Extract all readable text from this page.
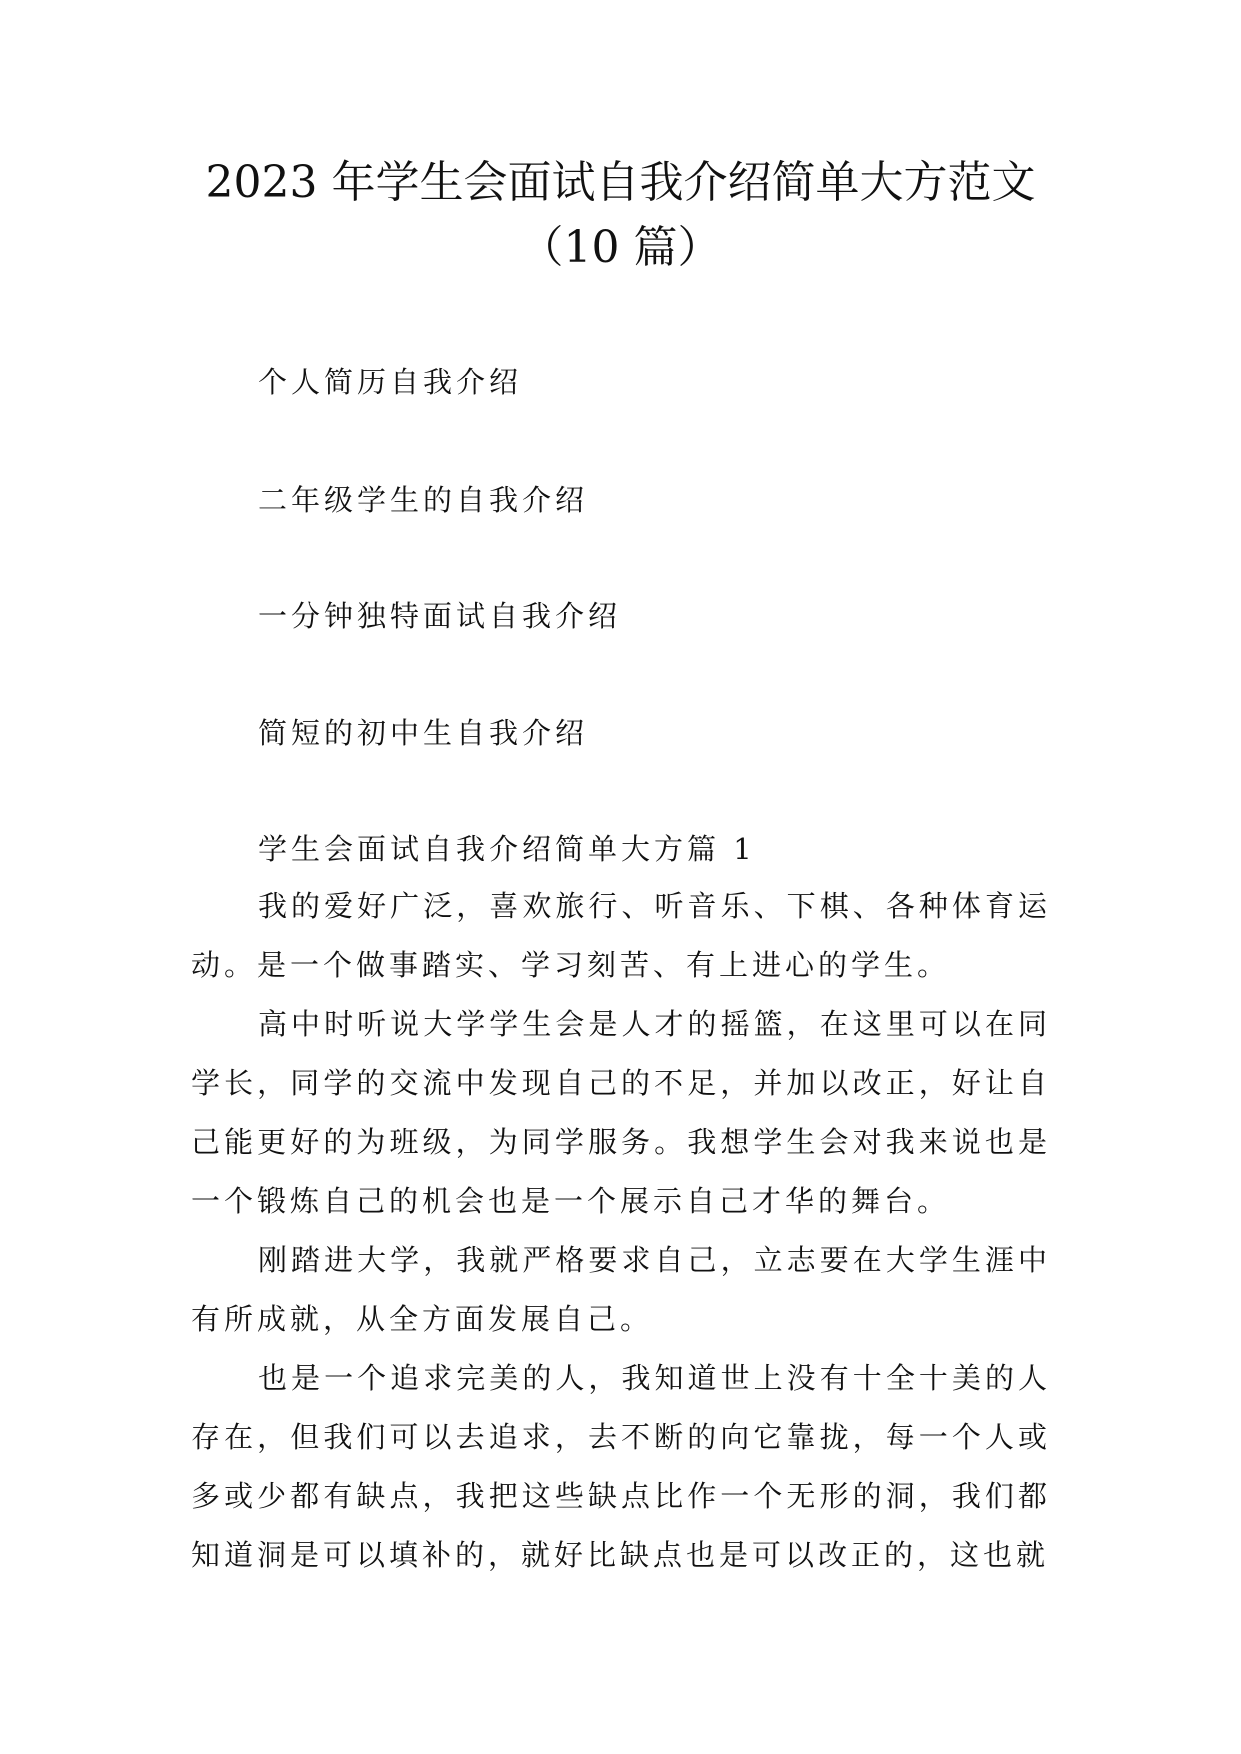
2023 年学生会面试自我介绍简单大方范文
（10 篇）

个人简历自我介绍

二年级学生的自我介绍

一分钟独特面试自我介绍

简短的初中生自我介绍

学生会面试自我介绍简单大方篇 1

我的爱好广泛，喜欢旅行、听音乐、下棋、各种体育运动。是一个做事踏实、学习刻苦、有上进心的学生。

高中时听说大学学生会是人才的摇篮，在这里可以在同学长，同学的交流中发现自己的不足，并加以改正，好让自己能更好的为班级，为同学服务。我想学生会对我来说也是一个锻炼自己的机会也是一个展示自己才华的舞台。

刚踏进大学，我就严格要求自己，立志要在大学生涯中有所成就，从全方面发展自己。

也是一个追求完美的人，我知道世上没有十全十美的人存在，但我们可以去追求，去不断的向它靠拢，每一个人或多或少都有缺点，我把这些缺点比作一个无形的洞，我们都知道洞是可以填补的，就好比缺点也是可以改正的，这也就
